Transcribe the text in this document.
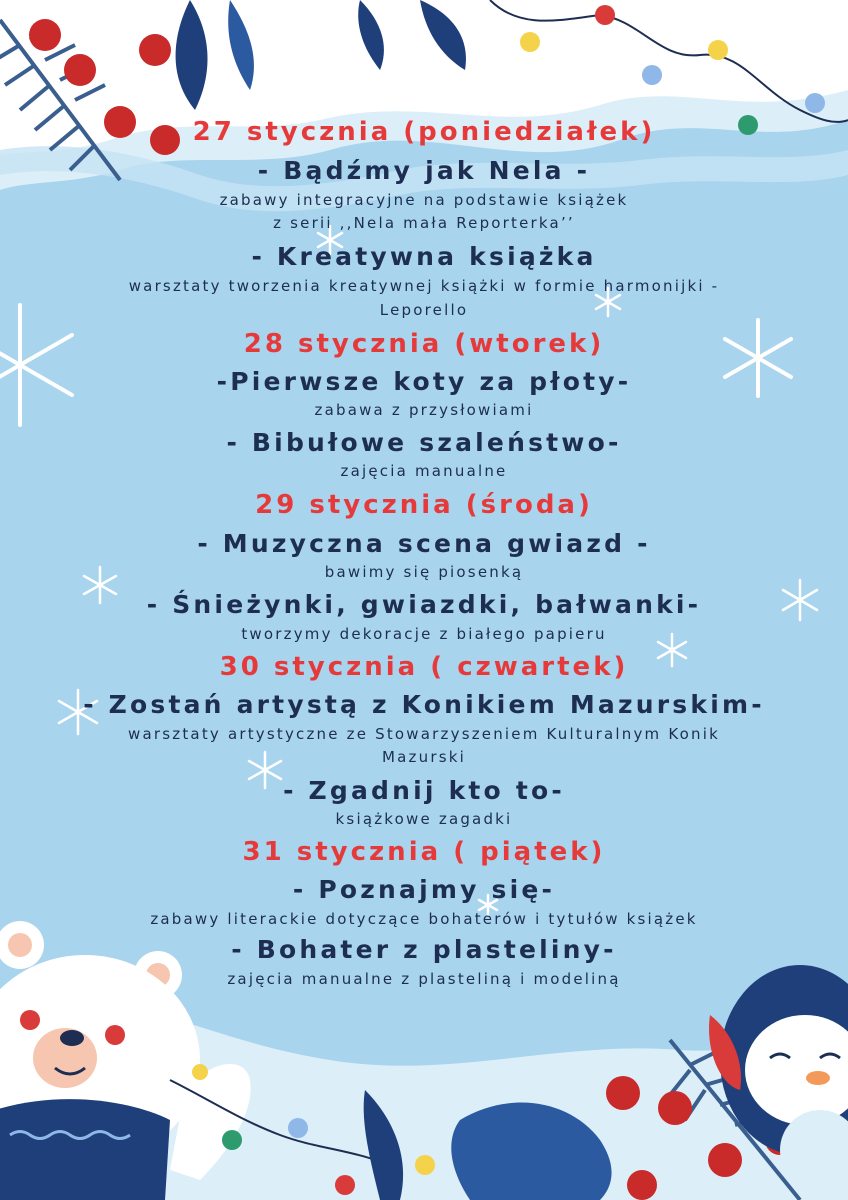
27 stycznia (poniedziałek)
- Bądźmy jak Nela -
zabawy integracyjne na podstawie książek
z serii ,,Nela mała Reporterka’’
- Kreatywna książka
warsztaty tworzenia kreatywnej książki w formie harmonijki -
Leporello
28 stycznia (wtorek)
-Pierwsze koty za płoty-
zabawa z przysłowiami
- Bibułowe szaleństwo-
zajęcia manualne
29 stycznia (środa)
- Muzyczna scena gwiazd -
bawimy się piosenką
- Śnieżynki, gwiazdki, bałwanki-
tworzymy dekoracje z białego papieru
30 stycznia ( czwartek)
- Zostań artystą z Konikiem Mazurskim-
warsztaty artystyczne ze Stowarzyszeniem Kulturalnym Konik
Mazurski
- Zgadnij kto to-
książkowe zagadki
31 stycznia ( piątek)
- Poznajmy się-
zabawy literackie dotyczące bohaterów i tytułów książek
- Bohater z plasteliny-
zajęcia manualne z plasteliną i modeliną
